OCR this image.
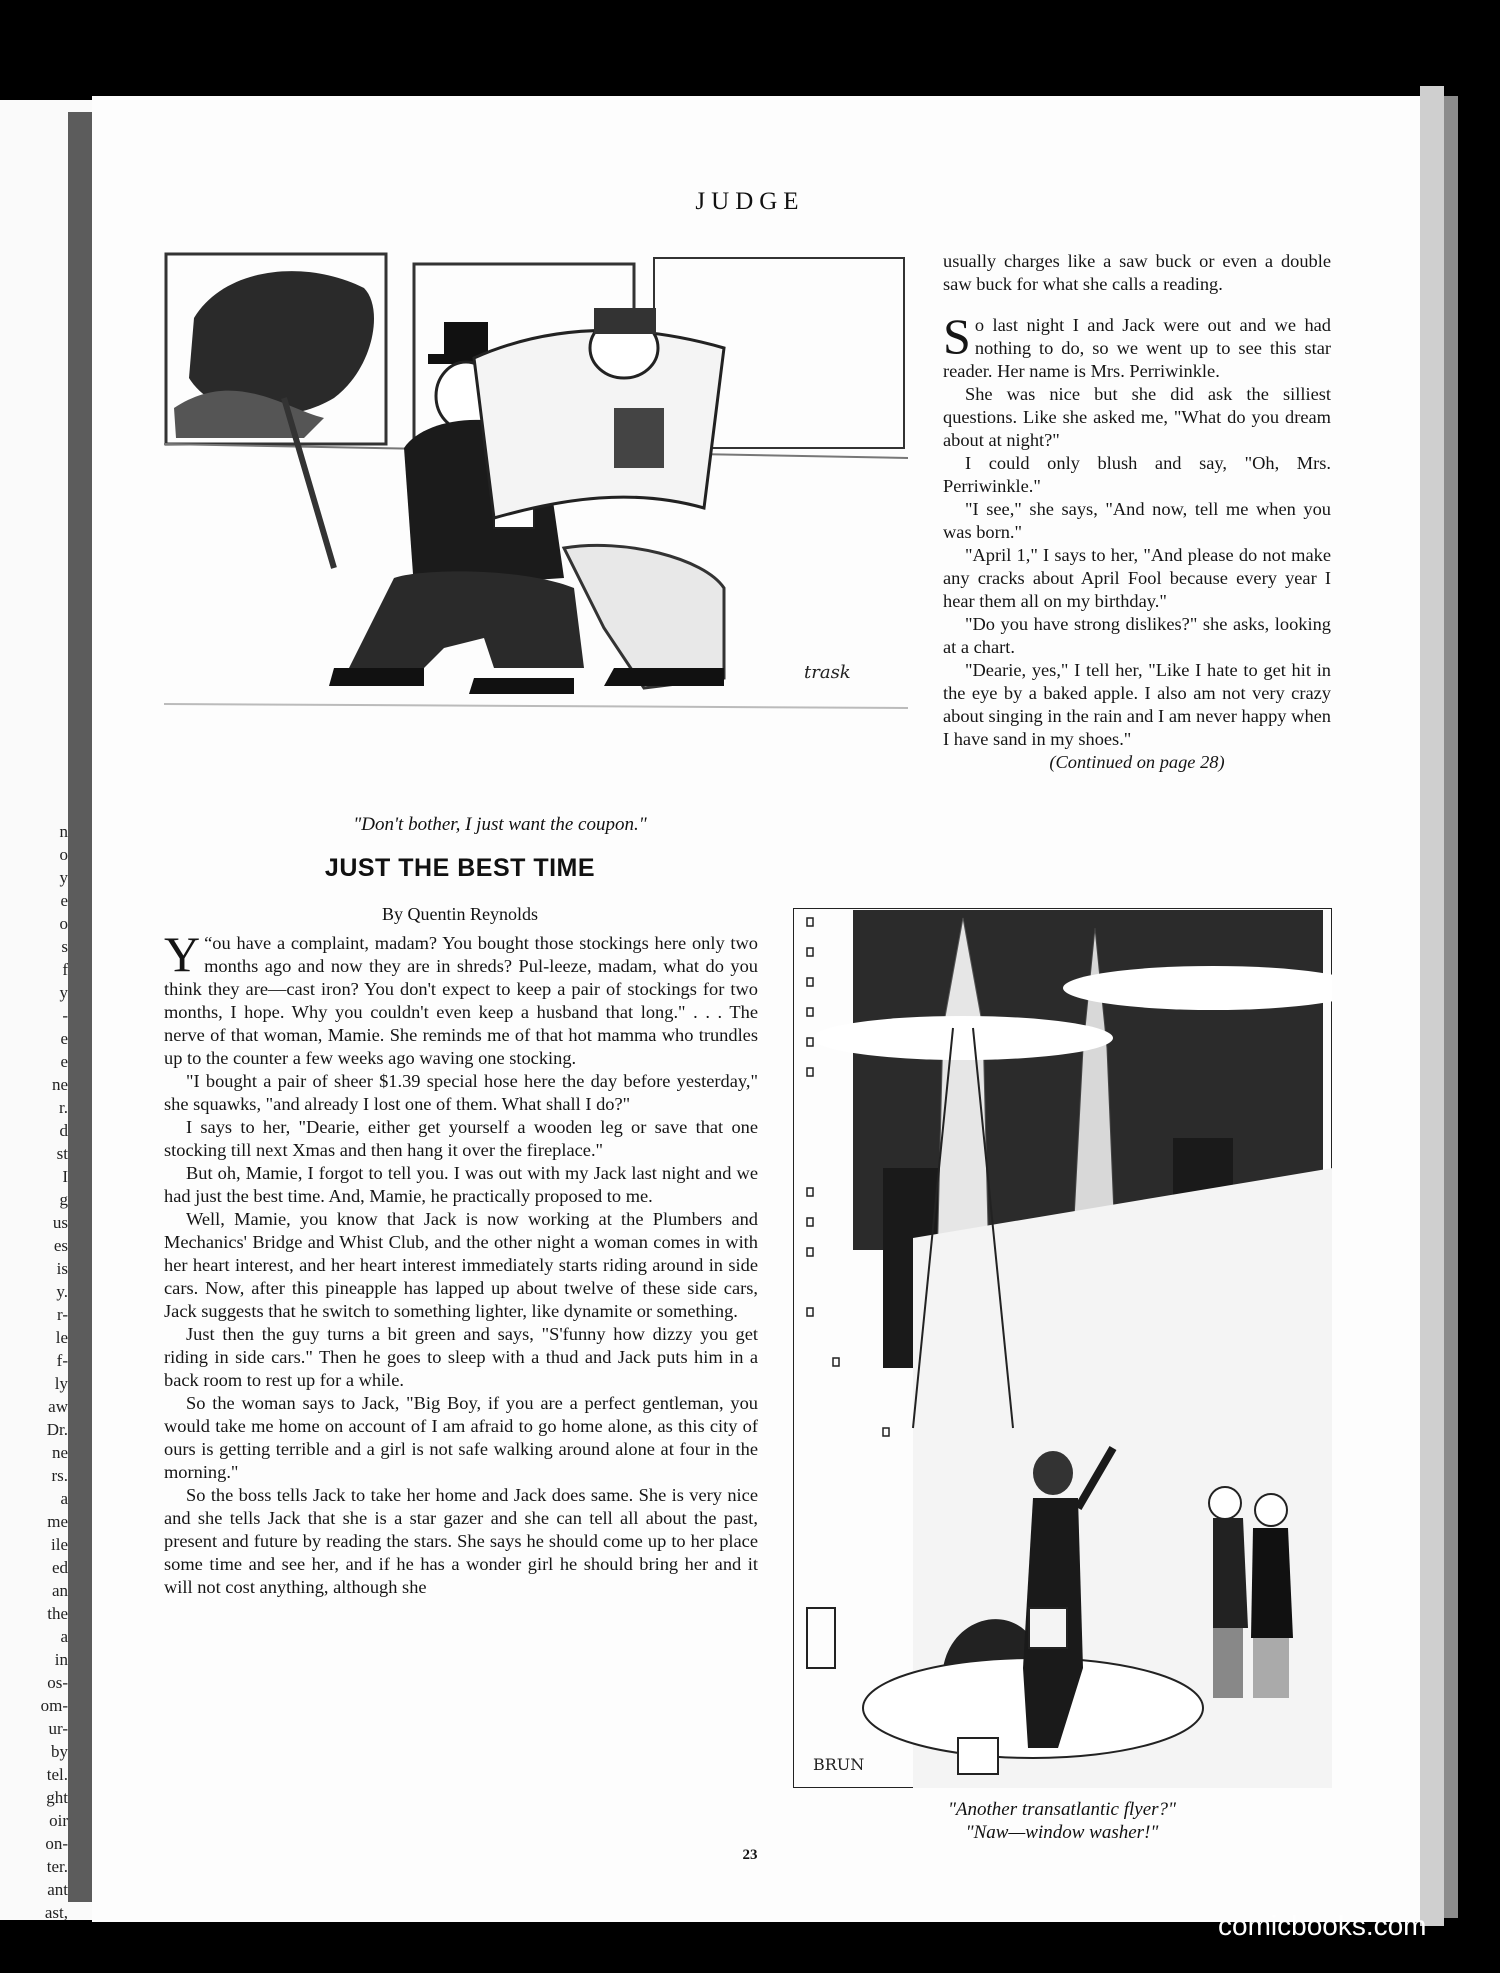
n
o
y
e
o
s
f
y
-
e
e
ne
r.
d
st
I
g
us
es
is
y.
r-
le
f-
ly
aw
Dr.
ne
rs.
a
me
ile
ed
an
the
a
in
os-
om-
ur-
by
tel.
ght
oir
on-
ter.
ant
ast,
JUDGE
trask
"Don't bother, I just want the coupon."
JUST THE BEST TIME
By Quentin Reynolds

“
Y ou have a complaint, madam? You bought those stockings here only two months ago and now they are in shreds? Pul-leeze, madam, what do you think they are—cast iron? You don't expect to keep a pair of stockings for two months, I hope. Why you couldn't even keep a husband that long." . . . The nerve of that woman, Mamie. She reminds me of that hot mamma who trundles up to the counter a few weeks ago waving one stocking.

"I bought a pair of sheer $1.39 special hose here the day before yesterday," she squawks, "and already I lost one of them. What shall I do?"

I says to her, "Dearie, either get yourself a wooden leg or save that one stocking till next Xmas and then hang it over the fireplace."

But oh, Mamie, I forgot to tell you. I was out with my Jack last night and we had just the best time. And, Mamie, he practically proposed to me.

Well, Mamie, you know that Jack is now working at the Plumbers and Mechanics' Bridge and Whist Club, and the other night a woman comes in with her heart interest, and her heart interest immediately starts riding around in side cars. Now, after this pineapple has lapped up about twelve of these side cars, Jack suggests that he switch to something lighter, like dynamite or something.

Just then the guy turns a bit green and says, "S'funny how dizzy you get riding in side cars." Then he goes to sleep with a thud and Jack puts him in a back room to rest up for a while.

So the woman says to Jack, "Big Boy, if you are a perfect gentleman, you would take me home on account of I am afraid to go home alone, as this city of ours is getting terrible and a girl is not safe walking around alone at four in the morning."

So the boss tells Jack to take her home and Jack does same. She is very nice and she tells Jack that she is a star gazer and she can tell all about the past, present and future by reading the stars. She says he should come up to her place some time and see her, and if he has a wonder girl he should bring her and it will not cost anything, although she

usually charges like a saw buck or even a double saw buck for what she calls a reading.

So last night I and Jack were out and we had nothing to do, so we went up to see this star reader. Her name is Mrs. Perriwinkle.

She was nice but she did ask the silliest questions. Like she asked me, "What do you dream about at night?"

I could only blush and say, "Oh, Mrs. Perriwinkle."

"I see," she says, "And now, tell me when you was born."

"April 1," I says to her, "And please do not make any cracks about April Fool because every year I hear them all on my birthday."

"Do you have strong dislikes?" she asks, looking at a chart.

"Dearie, yes," I tell her, "Like I hate to get hit in the eye by a baked apple. I also am not very crazy about singing in the rain and I am never happy when I have sand in my shoes."

(Continued on page 28)

BRUN
"Another transatlantic flyer?"
"Naw—window washer!"
23
comicbooks.com
